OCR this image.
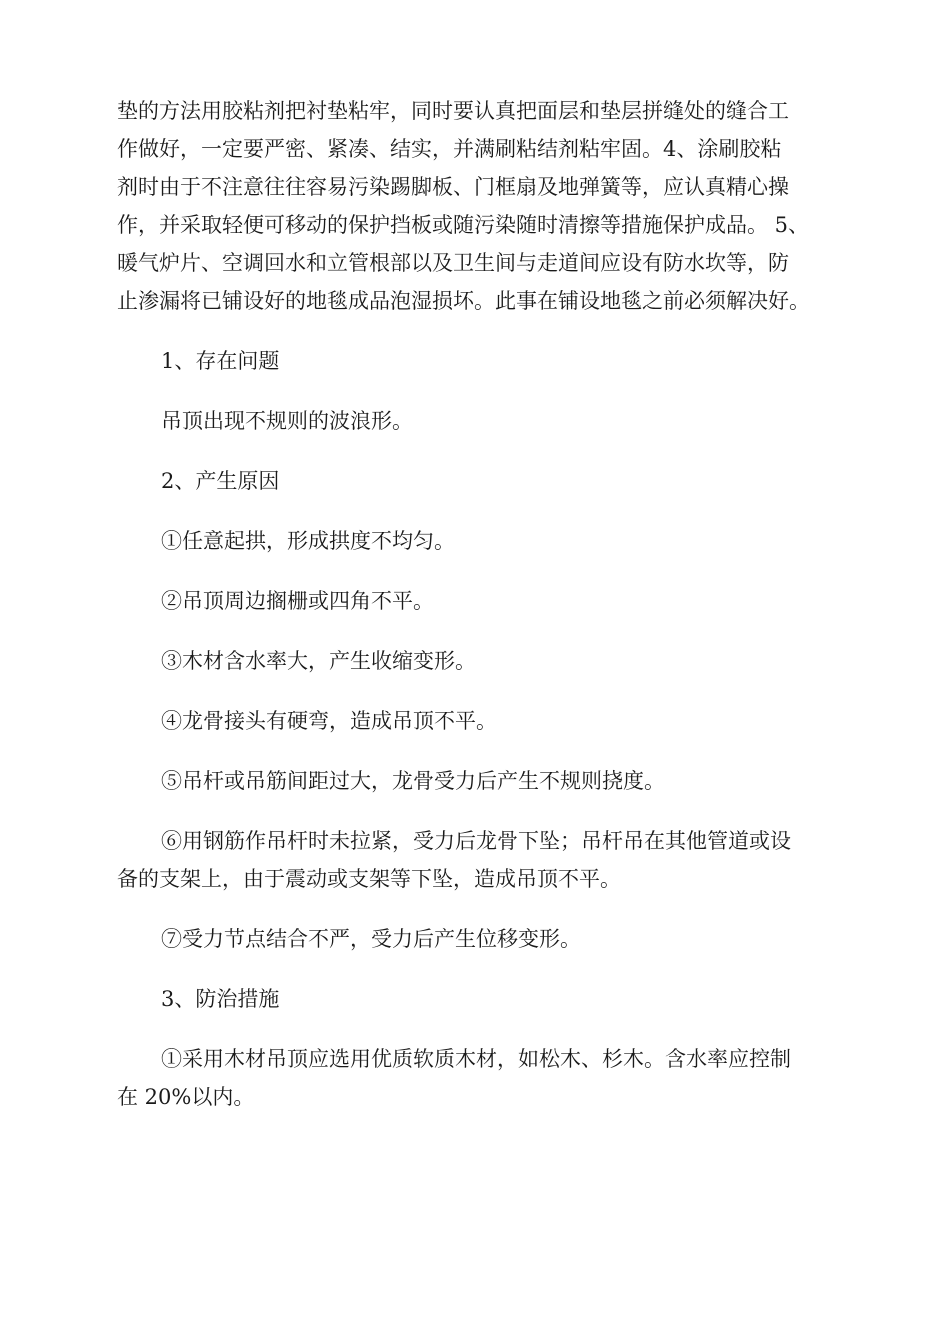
垫的方法用胶粘剂把衬垫粘牢，同时要认真把面层和垫层拼缝处的缝合工
作做好，一定要严密、紧凑、结实，并满刷粘结剂粘牢固。4、涂刷胶粘
剂时由于不注意往往容易污染踢脚板、门框扇及地弹簧等，应认真精心操
作，并采取轻便可移动的保护挡板或随污染随时清擦等措施保护成品。 5、
暖气炉片、空调回水和立管根部以及卫生间与走道间应设有防水坎等，防
止渗漏将已铺设好的地毯成品泡湿损坏。此事在铺设地毯之前必须解决好。

1、存在问题

吊顶出现不规则的波浪形。

2、产生原因

①任意起拱，形成拱度不均匀。

②吊顶周边搁栅或四角不平。

③木材含水率大，产生收缩变形。

④龙骨接头有硬弯，造成吊顶不平。

⑤吊杆或吊筋间距过大，龙骨受力后产生不规则挠度。

⑥用钢筋作吊杆时未拉紧，受力后龙骨下坠；吊杆吊在其他管道或设
备的支架上，由于震动或支架等下坠，造成吊顶不平。

⑦受力节点结合不严，受力后产生位移变形。

3、防治措施

①采用木材吊顶应选用优质软质木材，如松木、杉木。含水率应控制
在 20%以内。
